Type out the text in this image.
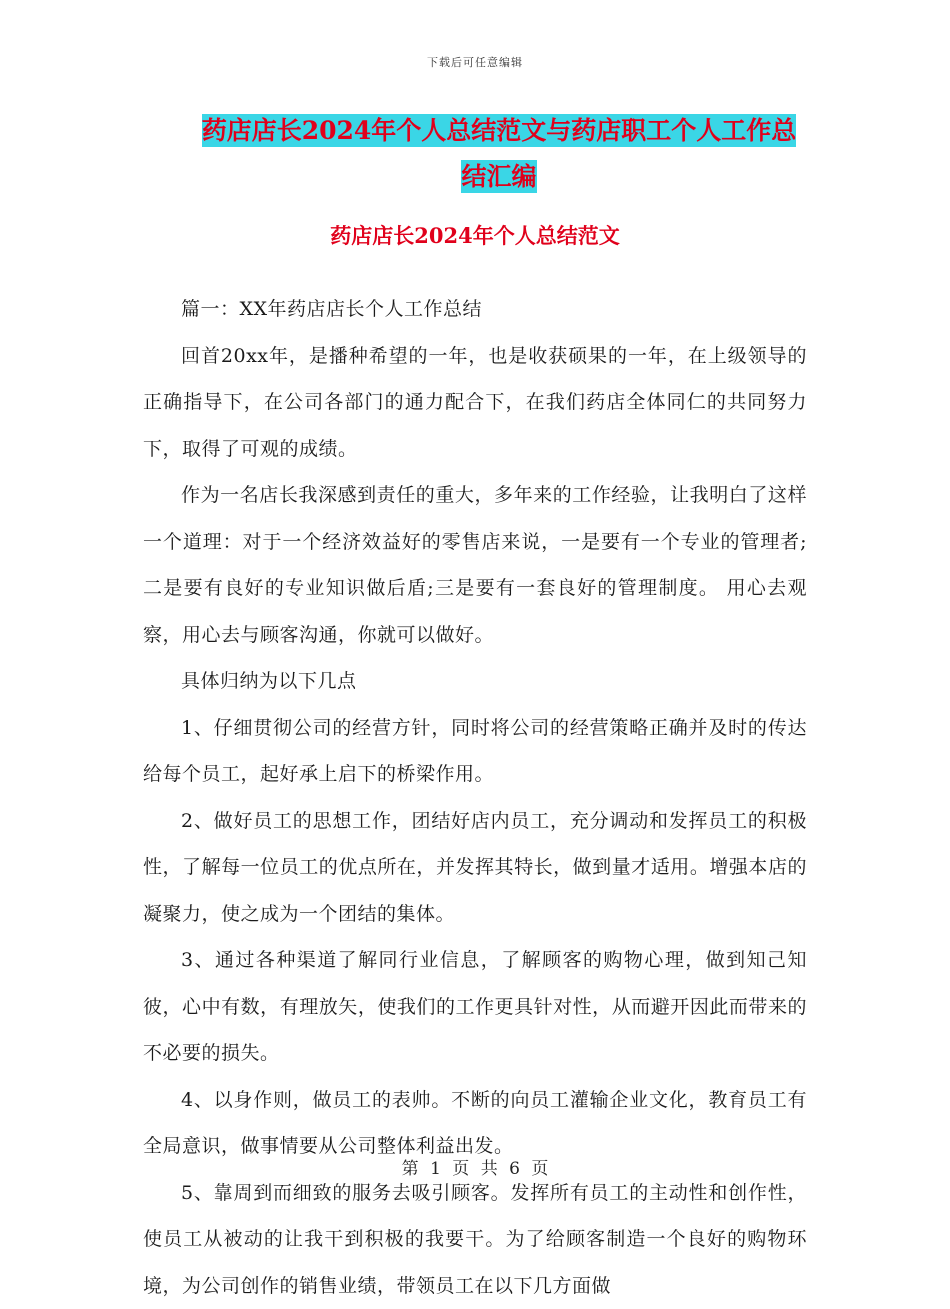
下载后可任意编辑
药店店长2024年个人总结范文与药店职工个人工作总
结汇编
药店店长2024年个人总结范文

篇一：XX年药店店长个人工作总结

回首20xx年，是播种希望的一年，也是收获硕果的一年，在上级领导的正确指导下，在公司各部门的通力配合下，在我们药店全体同仁的共同努力下，取得了可观的成绩。

作为一名店长我深感到责任的重大，多年来的工作经验，让我明白了这样一个道理：对于一个经济效益好的零售店来说，一是要有一个专业的管理者;二是要有良好的专业知识做后盾;三是要有一套良好的管理制度。 用心去观察，用心去与顾客沟通，你就可以做好。

具体归纳为以下几点

1、仔细贯彻公司的经营方针，同时将公司的经营策略正确并及时的传达给每个员工，起好承上启下的桥梁作用。

2、做好员工的思想工作，团结好店内员工，充分调动和发挥员工的积极性，了解每一位员工的优点所在，并发挥其特长，做到量才适用。增强本店的凝聚力，使之成为一个团结的集体。

3、通过各种渠道了解同行业信息，了解顾客的购物心理，做到知己知彼，心中有数，有理放矢，使我们的工作更具针对性，从而避开因此而带来的不必要的损失。

4、以身作则，做员工的表帅。不断的向员工灌输企业文化，教育员工有全局意识，做事情要从公司整体利益出发。

5、靠周到而细致的服务去吸引顾客。发挥所有员工的主动性和创作性，使员工从被动的让我干到积极的我要干。为了给顾客制造一个良好的购物环境，为公司创作的销售业绩，带领员工在以下几方面做

第 1 页 共 6 页
